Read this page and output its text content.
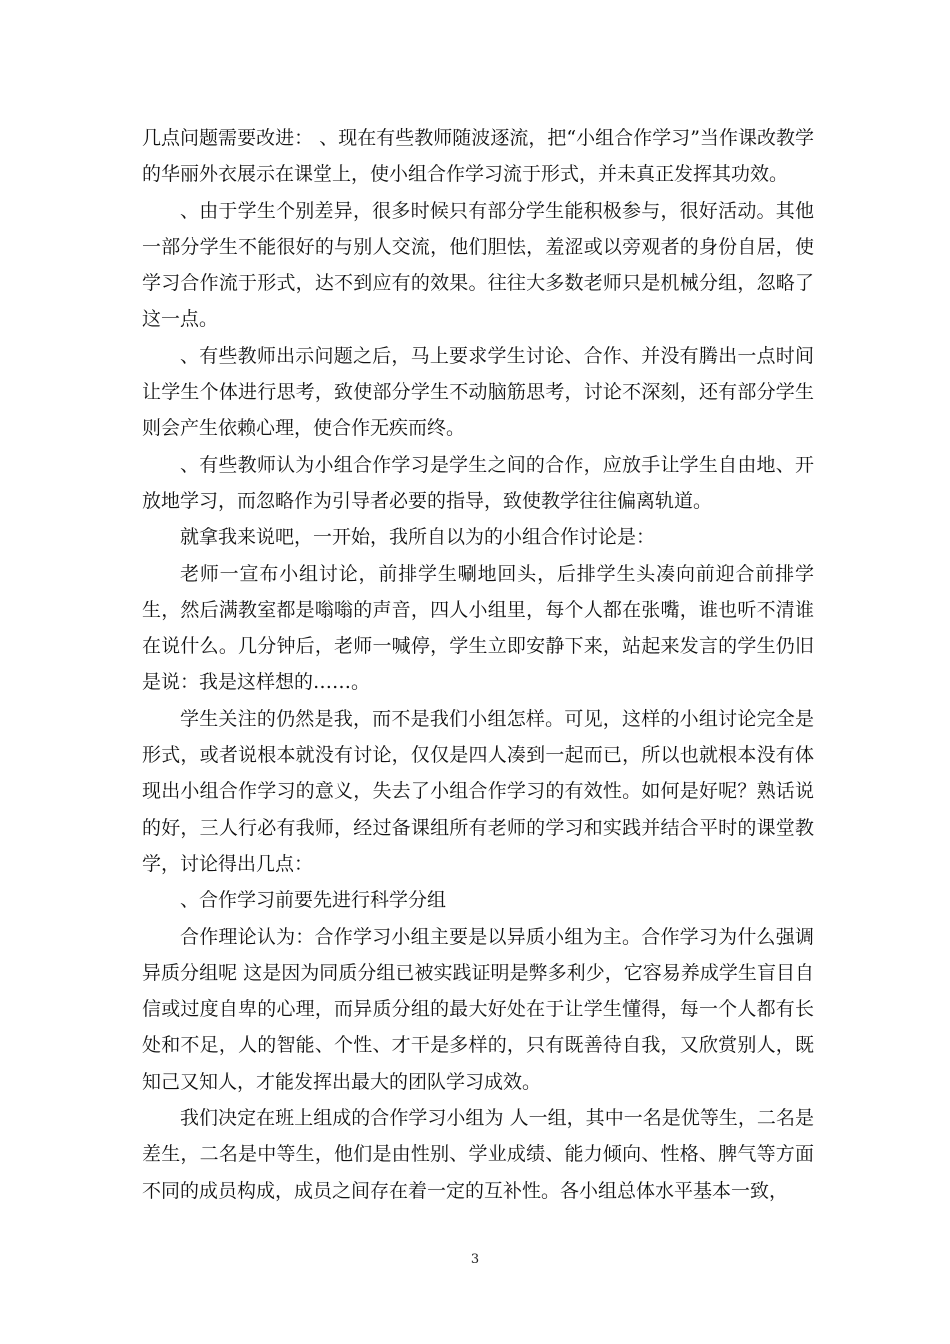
几点问题需要改进： 、现在有些教师随波逐流，把“小组合作学习”当作课改教学的华丽外衣展示在课堂上，使小组合作学习流于形式，并未真正发挥其功效。

、由于学生个别差异，很多时候只有部分学生能积极参与，很好活动。其他一部分学生不能很好的与别人交流，他们胆怯，羞涩或以旁观者的身份自居，使学习合作流于形式，达不到应有的效果。往往大多数老师只是机械分组，忽略了这一点。

、有些教师出示问题之后，马上要求学生讨论、合作、并没有腾出一点时间让学生个体进行思考，致使部分学生不动脑筋思考，讨论不深刻，还有部分学生则会产生依赖心理，使合作无疾而终。

、有些教师认为小组合作学习是学生之间的合作，应放手让学生自由地、开放地学习，而忽略作为引导者必要的指导，致使教学往往偏离轨道。

就拿我来说吧，一开始，我所自以为的小组合作讨论是：

老师一宣布小组讨论，前排学生唰地回头，后排学生头凑向前迎合前排学生，然后满教室都是嗡嗡的声音，四人小组里，每个人都在张嘴，谁也听不清谁在说什么。几分钟后，老师一喊停，学生立即安静下来，站起来发言的学生仍旧是说：我是这样想的……。

学生关注的仍然是我，而不是我们小组怎样。可见，这样的小组讨论完全是形式，或者说根本就没有讨论，仅仅是四人凑到一起而已，所以也就根本没有体现出小组合作学习的意义，失去了小组合作学习的有效性。如何是好呢？熟话说的好，三人行必有我师，经过备课组所有老师的学习和实践并结合平时的课堂教学，讨论得出几点：

、合作学习前要先进行科学分组

合作理论认为：合作学习小组主要是以异质小组为主。合作学习为什么强调异质分组呢 这是因为同质分组已被实践证明是弊多利少，它容易养成学生盲目自信或过度自卑的心理，而异质分组的最大好处在于让学生懂得，每一个人都有长处和不足，人的智能、个性、才干是多样的，只有既善待自我，又欣赏别人，既知己又知人，才能发挥出最大的团队学习成效。

我们决定在班上组成的合作学习小组为 人一组，其中一名是优等生，二名是差生，二名是中等生，他们是由性别、学业成绩、能力倾向、性格、脾气等方面不同的成员构成，成员之间存在着一定的互补性。各小组总体水平基本一致，

3
